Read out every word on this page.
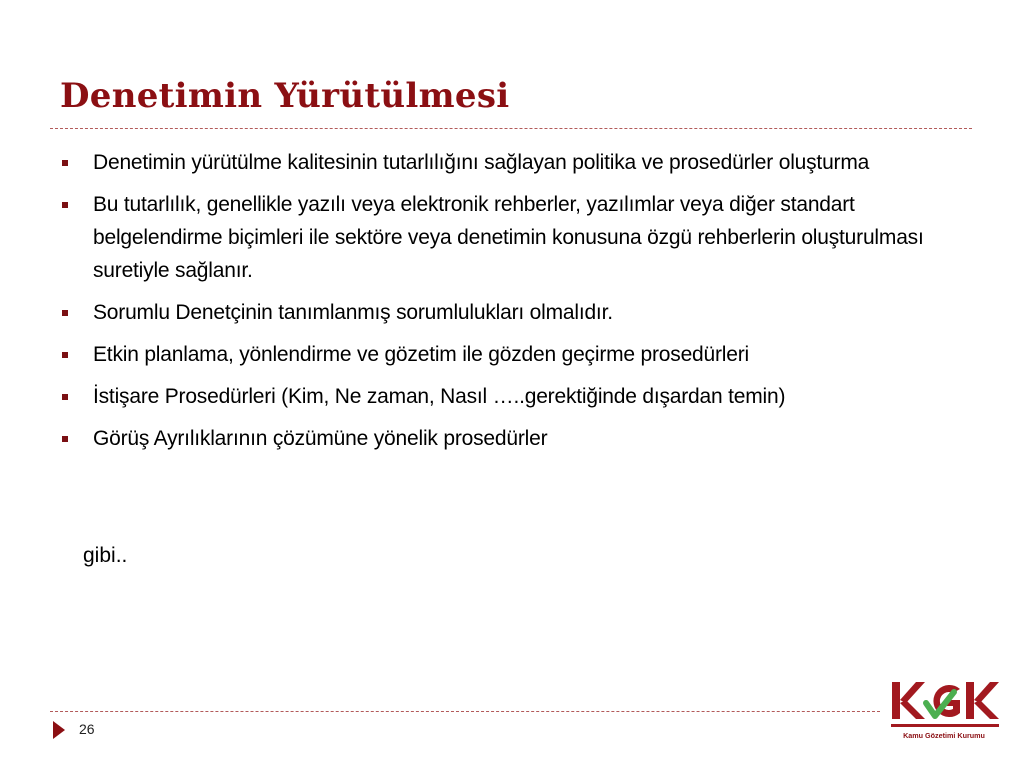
Denetimin Yürütülmesi
Denetimin yürütülme kalitesinin tutarlılığını sağlayan politika ve prosedürler oluşturma
Bu tutarlılık, genellikle yazılı veya elektronik rehberler, yazılımlar veya diğer standart belgelendirme biçimleri ile sektöre veya denetimin konusuna özgü rehberlerin oluşturulması suretiyle sağlanır.
Sorumlu Denetçinin tanımlanmış sorumlulukları olmalıdır.
Etkin planlama, yönlendirme ve gözetim ile gözden geçirme prosedürleri
İstişare Prosedürleri (Kim, Ne zaman, Nasıl …..gerektiğinde dışardan temin)
Görüş Ayrılıklarının çözümüne yönelik prosedürler
gibi..
26	Kamu Gözetimi Kurumu
